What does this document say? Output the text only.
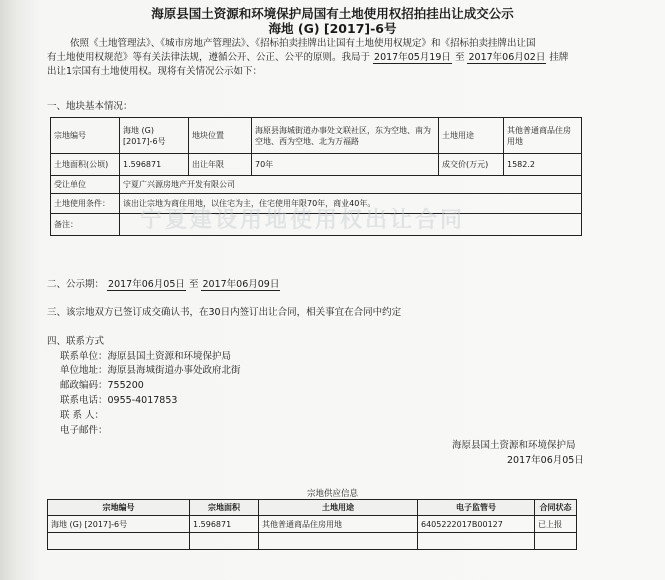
海原县国土资源和环境保护局国有土地使用权招拍挂出让成交公示
海地 (G) [2017]-6号
依照《土地管理法》、《城市房地产管理法》、《招标拍卖挂牌出让国有土地使用权规定》和《招标拍卖挂牌出让国
有土地使用权规范》等有关法律法规，遵循公开、公正、公平的原则。我局于 2017年05月19日 至 2017年06月02日 挂牌
出让1宗国有土地使用权。现将有关情况公示如下：
一、地块基本情况：
宗地编号	海地 (G) [2017]-6号	地块位置	海原县海城街道办事处文联社区，东为空地、南为空地、西为空地、北为万福路	土地用途	其他普通商品住房用地
土地面积(公顷)	1.596871	出让年限	70年	成交价(万元)	1582.2
受让单位	宁夏广兴源房地产开发有限公司				
土地使用条件：	该出让宗地为商住用地，以住宅为主，住宅使用年限70年，商业40年。				
备注：						宁夏建设用地使用权出让合同
二、公示期： 2017年06月05日 至 2017年06月09日
三、该宗地双方已签订成交确认书，在30日内签订出让合同，相关事宜在合同中约定
四、联系方式
联系单位：海原县国土资源和环境保护局
单位地址：海原县海城街道办事处政府北街
邮政编码：755200
联系电话：0955-4017853
联 系 人：
电子邮件：
海原县国土资源和环境保护局
2017年06月05日
宗地供应信息
宗地编号	宗地面积	土地用途	电子监管号	合同状态
海地 (G) [2017]-6号	1.596871	其他普通商品住房用地	6405222017B00127	已上报
